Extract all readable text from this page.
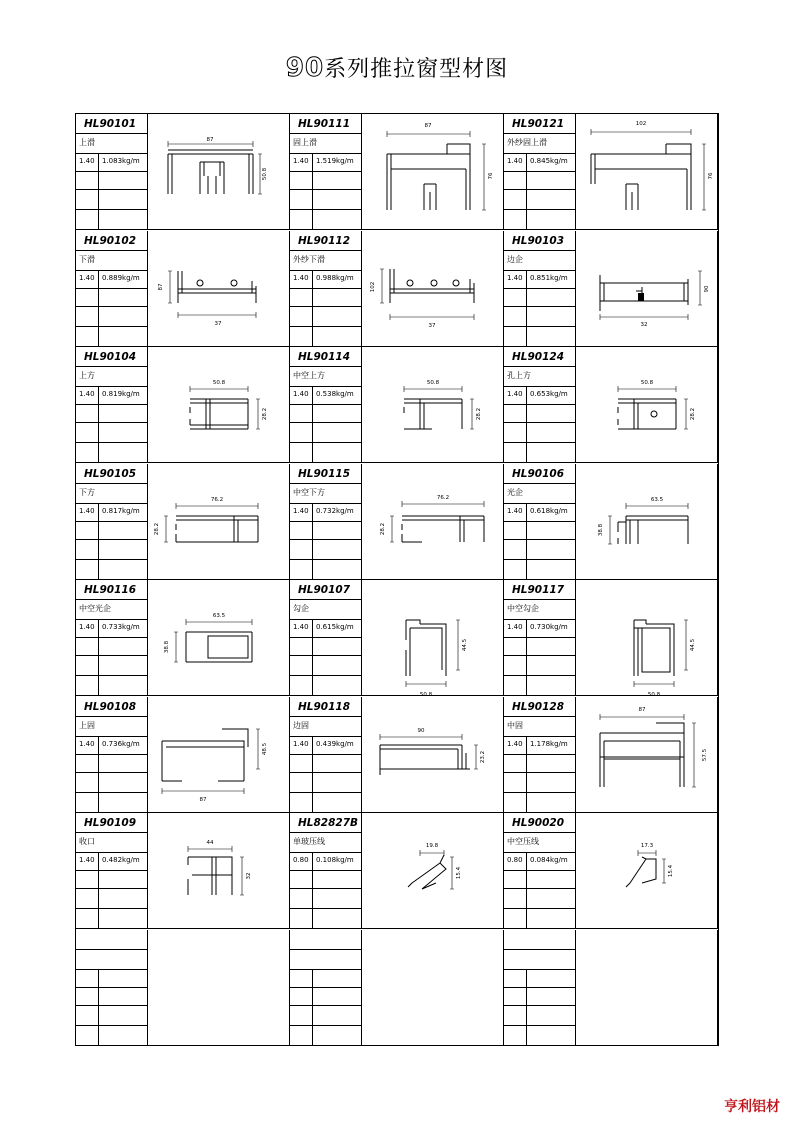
90系列推拉窗型材图
HL90101
上滑
1.40 1.083kg/m
87
50.8
HL90111
固上滑
1.40 1.519kg/m
87
76
HL90121
外纱固上滑
1.40 0.845kg/m
102
76
HL90102
下滑
1.40 0.889kg/m
37
87
HL90112
外纱下滑
1.40 0.988kg/m
37
102
HL90103
边企
1.40 0.851kg/m
32
90
HL90104
上方
1.40 0.819kg/m
50.8
28.2
HL90114
中空上方
1.40 0.538kg/m
50.8
28.2
HL90124
孔上方
1.40 0.653kg/m
50.8
28.2
HL90105
下方
1.40 0.817kg/m
76.2
28.2
HL90115
中空下方
1.40 0.732kg/m
76.2
28.2
HL90106
光企
1.40 0.618kg/m
63.5
38.8
HL90116
中空光企
1.40 0.733kg/m
63.5
38.8
HL90107
勾企
1.40 0.615kg/m
44.5
50.8
HL90117
中空勾企
1.40 0.730kg/m
44.5
50.8
HL90108
上固
1.40 0.736kg/m	48.5
87
HL90118
边固
1.40 0.439kg/m
90
23.2
HL90128
中固
1.40 1.178kg/m
87
57.5
HL90109
收口
1.40 0.482kg/m
44
32
HL82827B
单玻压线
0.80 0.108kg/m
19.8
15.4
HL90020
中空压线
0.80 0.084kg/m
17.3
15.4
亨利铝材
